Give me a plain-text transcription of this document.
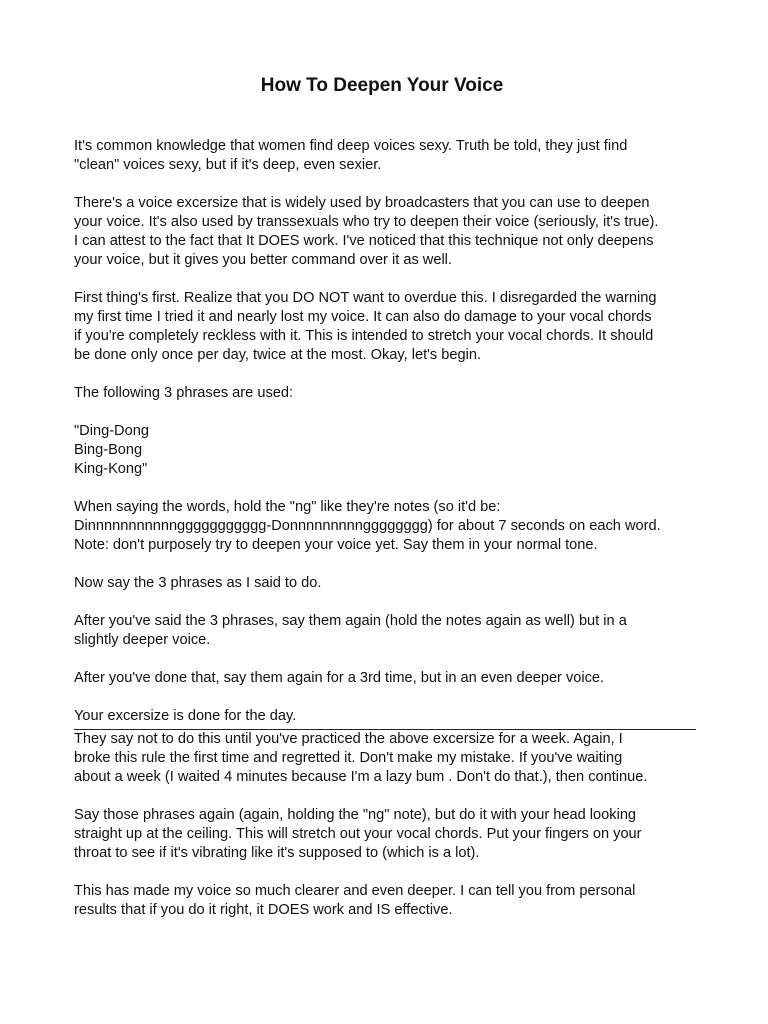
How To Deepen Your Voice

It's common knowledge that women find deep voices sexy. Truth be told, they just find
"clean" voices sexy, but if it's deep, even sexier.

There's a voice excersize that is widely used by broadcasters that you can use to deepen
your voice. It's also used by transsexuals who try to deepen their voice (seriously, it's true).
I can attest to the fact that It DOES work. I've noticed that this technique not only deepens
your voice, but it gives you better command over it as well.

First thing's first. Realize that you DO NOT want to overdue this. I disregarded the warning
my first time I tried it and nearly lost my voice. It can also do damage to your vocal chords
if you're completely reckless with it. This is intended to stretch your vocal chords. It should
be done only once per day, twice at the most. Okay, let's begin.

The following 3 phrases are used:

"Ding-Dong
Bing-Bong
King-Kong"

When saying the words, hold the "ng" like they're notes (so it'd be:
Dinnnnnnnnnnnggggggggggg-Donnnnnnnnngggggggg) for about 7 seconds on each word.
Note: don't purposely try to deepen your voice yet. Say them in your normal tone.

Now say the 3 phrases as I said to do.

After you've said the 3 phrases, say them again (hold the notes again as well) but in a
slightly deeper voice.

After you've done that, say them again for a 3rd time, but in an even deeper voice.

Your excersize is done for the day.

They say not to do this until you've practiced the above excersize for a week. Again, I
broke this rule the first time and regretted it. Don't make my mistake. If you've waiting
about a week (I waited 4 minutes because I'm a lazy bum . Don't do that.), then continue.

Say those phrases again (again, holding the "ng" note), but do it with your head looking
straight up at the ceiling. This will stretch out your vocal chords. Put your fingers on your
throat to see if it's vibrating like it's supposed to (which is a lot).

This has made my voice so much clearer and even deeper. I can tell you from personal
results that if you do it right, it DOES work and IS effective.
